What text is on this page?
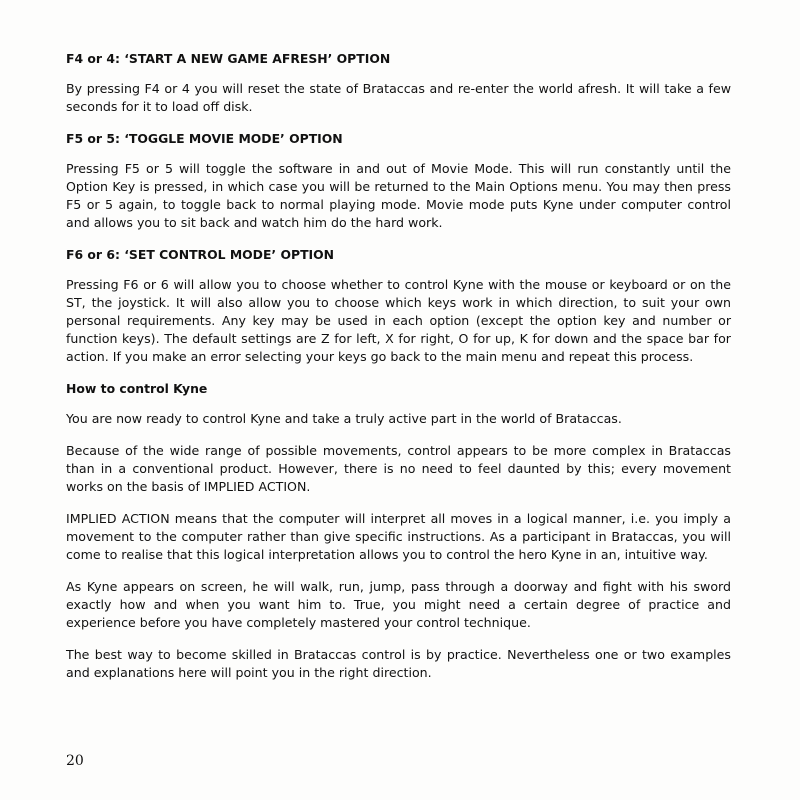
F4 or 4: ‘START A NEW GAME AFRESH’ OPTION

By pressing F4 or 4 you will reset the state of Brataccas and re-enter the world afresh. It will take a few seconds for it to load off disk.

F5 or 5: ‘TOGGLE MOVIE MODE’ OPTION

Pressing F5 or 5 will toggle the software in and out of Movie Mode. This will run constantly until the Option Key is pressed, in which case you will be returned to the Main Options menu. You may then press F5 or 5 again, to toggle back to normal playing mode. Movie mode puts Kyne under computer control and allows you to sit back and watch him do the hard work.

F6 or 6: ‘SET CONTROL MODE’ OPTION

Pressing F6 or 6 will allow you to choose whether to control Kyne with the mouse or keyboard or on the ST, the joystick. It will also allow you to choose which keys work in which direction, to suit your own personal requirements. Any key may be used in each option (except the option key and number or function keys). The default settings are Z for left, X for right, O for up, K for down and the space bar for action. If you make an error selecting your keys go back to the main menu and repeat this process.

How to control Kyne

You are now ready to control Kyne and take a truly active part in the world of Brataccas.

Because of the wide range of possible movements, control appears to be more complex in Brataccas than in a conventional product. However, there is no need to feel daunted by this; every movement works on the basis of IMPLIED ACTION.

IMPLIED ACTION means that the computer will interpret all moves in a logical manner, i.e. you imply a movement to the computer rather than give specific instructions. As a participant in Brataccas, you will come to realise that this logical interpretation allows you to control the hero Kyne in an, intuitive way.

As Kyne appears on screen, he will walk, run, jump, pass through a doorway and fight with his sword exactly how and when you want him to. True, you might need a certain degree of practice and experience before you have completely mastered your control technique.

The best way to become skilled in Brataccas control is by practice. Nevertheless one or two examples and explanations here will point you in the right direction.

20
